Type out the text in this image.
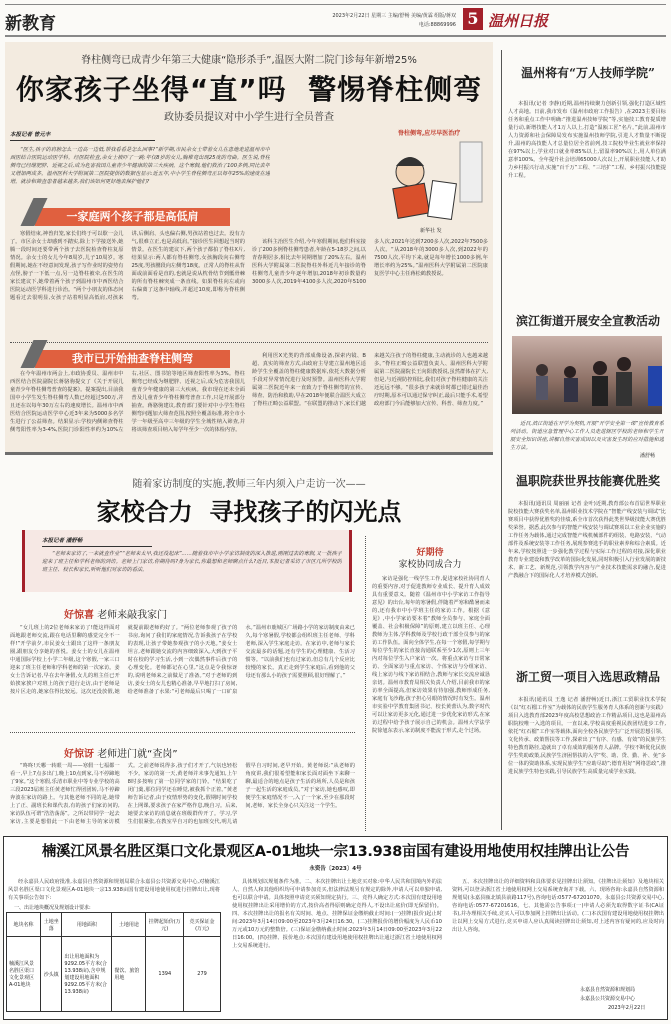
新教育	2023年2月22日 星期三 主编/舒畅 美编/黄霖 组版/蒋双
电话:88869996 5 温州日报
脊柱侧弯已成青少年第三大健康“隐形杀手”,温医大附二院门诊每年新增25%
你家孩子坐得“直”吗  警惕脊柱侧弯
政协委员提议对中小学生进行全员普查
本报记者 曾元丰
“医生,孩子的肩膀怎么一边高一边低,帮我看看是怎么回事?”新学期,市民余女士带着女儿在患地走进温州市中西医结合医院运动医学科。经医院检查,余女士被吓了一跳:年仅8岁的女儿,胸椎竟出现25度的弯曲。医生说,脊柱侧弯已经继肥胖、近视之后,成为危害我国儿童青少年健康的第三大疾病。这个寒假,他们救治了100多例,同比去年又增加两成多。温州医科大学附属第二医院提供的数据也显示:近五年,中小学生脊柱侧弯正以每年25%的速度在递增。就诊和筛查患者越来越多,我们该如何更好地去保护他们?
脊柱侧弯,应尽早医治疗
新华社 发
一家庭两个孩子都是高低肩
寒假结束,神兽归笼,家长们终于可以歇一会儿了。市区余女士却感到不踏实,除上下学接送外,她腾一段时间还要带两个孩子去医院检查脊柱复原情况。余女士的女儿今年8周岁,儿子10周岁。寒假期间,她在不经意间发现,孩子写作业时的姿势有点怪,膀子一下低一点,另一边脊柱被牵,在医生的家长建议下,她带着两个孩子到温州市中西医结合医院运动医学科进行诊治。“两个小朋友的体态问题看过去很明显,女孩子站着明显高低肩,对孩来讲,后侧肩、头也偏右侧,男孩站着也过去。没有力气,很难立正,也是高低肩。”接诊医生回想起当时的情景。在医生的建议下,两个孩子都拍了脊柱X片,结果显示:两人都有脊柱侧弯,女孩胸段向右侧弯25度,男孩腰段向左侧弯18度。正常人的脊柱从背面或前面看是直的,也就是说从枕骨结节到骶骨棘的所有脊柱棘突成一条直线。如果脊柱向左或向右偏离了这条中轴线,并超过10度,即称为脊柱侧弯。
该科主治医生介绍,今年寒假期间,他们科室接诊了200多例脊柱侧弯患者,年龄在5-18岁之间,以青春期居多,相比去年同期增加了20%左右。温州医科大学附属第二医院脊柱外科近几年接诊的脊柱侧弯儿童青少年逐年增加,2018年初诊数量约3000多人次,2019年4100多人次,2020年5100多人次,2021年达到7200多人次,2022年7500多人次。“从2018年的3000多人次,到2022年的7500人次,平均下来,就是每年增长1000多例,年增长率约为25%。”温州医科大学附属第二医院康复医学中心主任蒋松鹤教授说。
我市已开始抽查脊柱侧弯
在今年温州市两会上,市政协委员、温州市中西医结合医院副院长蒋骆驹提交了《关于开展儿童青少年脊柱侧弯普查的提案》。提案提出,目前我国中小学生发生脊柱侧弯人数已经超过500万,并且还在以每年30万左右的速度增长。温州市中西医结合医院运动医学中心近3年来为5000多名学生进行了公益筛查。结果显示:学校内侧筛查脊柱侧弯阳性率为3-4%,医院门诊阳性率约为10%左右,社区、图书馆等地区筛查阳性率为3%。脊柱侧弯已经成为继肥胖、近视之后,成为危害我国儿童青少年健康的第三大疾病。我市现在还未全面普及儿童青少年脊柱侧弯普查工作,只是开展部分抽查。蒋骆驹建议,教育部门要针对中小学生脊柱侧弯问题加大筛查范围,按照全覆盖标准,将全市小学一年级至高中三年级的学生全城性纳入筛查,并将该筛查项目纳入每学年至少一次的体检内容。
利用医X光类的背部成像设备,探索内镜、B超、真实的筛查方式,由政府主导建立温州地区适龄学生全覆盖的脊柱健康数据库,依托大数据分析手段对异常情况进行及时预警。温州医科大学附属第二医院近年来一直致力于脊柱侧弯的宣传、筛查、防治和救助,早在2018年便联合温医大成立了脊柱正畸公益联盟。“在联盟的推动下,家长们越来越关注孩子的脊柱健康,主动就诊的人也越来越多。”脊柱正畸公益联盟负责人、温州医科大学附属第二医院副院长王向阳教授说,虽然群体在扩大,但是,与近视防控相比,我们对孩子脊柱健康的关注还远远不够。“很多孩子来就诊时都已错过最佳治疗时期,原本可以通过保守纠正,最后只能手术,希望政府部门今后能够加大宣传、科普、筛查力度。”
随着家访制度的实施,教师三年内须入户走访一次——
家校合力  寻找孩子的闪光点
本报记者 潘舒畅
“老师来家访了,一来就查作业”“老师来太早,我还没起床”……随着我市中小学家访制度的深入推进,刚刚过去的寒假,又一批孩子迎来了班主任和学科老师的到访。老师上门家访,你期待吗?身为家长,你最想和老师聊点什么?近日,本报记者采访了市区几所学校的班主任、校长和家长,听听他们对家访的看法。
好惊喜 老师来敲我家门
“女儿班上的2位老师来家访了!能这样面对面地跟老师交流,跟在电话里聊的感觉完全不一样!”开学前夕,市民姜女士跟出了这样一条朋友圈,跟朋友分享她的喜悦。姜女士的女儿在温州中通国际学校上小学二年级,这个寒假,一家三口迎来了班主任老师和学科老师的第一次家访。姜女士告诉记者,早在去年暑假,女儿的班主任已开始挨家挨户对班上的孩子进行走访,由于老师是按片区走的,她家住得比较远。这次还没放假,她就提前跟老师约好了。“两位老师参观了孩子的书房,询问了我们的家庭情况,告诉我孩子在学校的表现,让孩子带她参观孩子的小天地。”姜女士坦言,老师跟她交流的内容细致深入,大到孩子平时在校的学习生活,小到一次偶然事件后孩子的心理变化。老师都记在心里,“这点是令我惊讶的,说明老师来之前做足了准备。”对于老师的到访,姜女士的女儿也精心准备,早早地打扫了房间,给老师准备了水果:“可老师最后只喝了一口矿泉水。”温州市鹿城区广场路小学的家访制度由来已久,每个寒暑假,学校都会组织班主任老师、学科老师,深入学生家庭走访。在家访中,老师与家长交流最多的话题,还有学生的心理健康、生活习惯等。“以前我们也有过家访,但总有几个反应比较慢的家长。真正走到学生家庭后,看到他的父母还有那么小的孩子需要照顾,很好理解了。”
好惊讶 老师进门就“查岗”
“咚咚!天哪一转眼一周——寒假一七福都一看一,早上7点多出门,晚上10点到家,马不停蹄地了9家。”这个寒假,乐清市职业中等专业学校的高三段2023届班主任黄老师忙得团团转,马不停蹄奔波在家访的路上。与其他老师不同的是,她带上了正、副班长和课代表,有的孩子们家访问的,家访队伍可谓“浩浩荡荡”。之所以带同学一起去家访,主要是想借此一下由老师主导的家访模式。之前老师说得多,孩子们才开了,气氛也轻松不少。家访的第一天,黄老师并未事先通知,上午8时多按响了第一位同学家的门铃。“结果吃了闭门羹,那位同学还在睡觉,被我抓个正着。”黄老师告诉记者,由于疫情形势的变化,假期时间学校在上网课,要求孩子在家严格作息,晚自习。后来,她要去家访的消息就在班级群传开了。学习,学生们很紧张,在教室早自习的也加班交代,明儿请假早自习时间,老早开始。黄老师说:“从老师的角度讲,我们很希望能和家长面对面坐下来聊一聊,最适合的地点是孩子生活的场所,人员是和孩子一起生活的家庭成员。”对于家访,她也感叹,即便学生家庭情况不一,入了一个家,至少在那段时间,老师、家长全身心只关注这一个学生。
好期待
家校协同成合力
家访是强化一线学生工作,促进家校社协同育人的重要内容,对于促进教师专业成长、提升育人成效具有重要意义。随着《温州市中小学家访工作指导意见》的出台,每年的寒暑假,伴随着严寒和酷暑而来的,还有我市中小学班主任的家访工作。根据《意见》,中小学家访要本着“教师全员参与、家庭全面覆盖、社会积极保障”的原则,建立以班主任、心理教师为主体,学科教师及学校行政干部全员参与的家访工作队伍。面向全体学生,在每一个寒假,每学期与每位学生的家长直接沟通联系至少1次,原则上三年内对每位学生入户家访一次。将重点家访与日常家访、全面家访与重点家访、个体家访与分组家访、线上家访与线下家访相结合,教师与家长交流应诚恳亲切。温州市教育局相关负责人介绍,目前我市的家访率全面提高,但家访效果有待加强,教师形成任务,家庭有飞沙跑,孩子担心另眼的情况时有发生。温州市实验中学教育集团书记、校长黄蕾认为,数字时代可以让家访更多元化,通过进一步优化家访形式,在家访过程中给予孩子展示自己的机会。温州大学法学院徐旭东表示,家访制度不能流于形式,走个过场。
温州将有“万人技师学院”
本报讯(记者 李静)近期,温州持续聚力创新引领,强化打造区域性人才高地。日前,我市发布《温州市政府工作报告》,在2023主要目标任务和重点工作中明确:“推进温州技师学院”等,实施技工教育提质增量行动,新增技能人才1万人以上,打造“温瓯工匠”名片。”此前,温州市人力资源和社会保障局发布实施温州技师学院,引进人才数量不断提升,温州的高技能人才总量位居全省前列,技工院校毕业生就业率保持在97%以上,学业对口就业率85%以上,留温率90%以上,用人单位满意率100%。全年提升社会培训65000人次以上,开展职业技能人才助力乡村振兴行动,实施“百千万”工程、“三培扩”工程、乡村振兴技能提升工程。
滨江街道开展安全宣教活动
近日,滨江街道在开学为契机,开展“开学安全第一课”宣传教育系列活动。街道应急管理中心工作人员走进辖区学校的老师和学生开展安全知识讲座,讲解自然灾害成因以及灾害发生时的应对措施和逃生方法。
潘舒畅
温职院获世界技能赛优胜奖
本报讯(通讯员 周丽丽 记者 金叶)近期,教育部公布首届世界职业院校技能大赛获奖名单,温州职业技术学院在“智能产线安装与调试”比赛项目中获得优胜奖的佳绩,系全市首次获得此类世界级技能大赛优胜奖荣誉。据悉,此次参与的智能产线安装与调试赛项以工业企业实施的工作任务为载体,通过完成智能产线机械部件的组装、电路安装、气动部件及系统安装等工作任务,展现参赛选手的职业素养和综合素质。近年来,学校按照进一步强化教学过程与实际工作过程的对接,深化职业教育专业建设和教学改革的国际化发展,同时积极引入行业发展的新技术、新工艺、新规范,引领教学内容与产业技术技能需求的融合,促进产教融合下的国际化人才培养模式创新。
浙工贸一项目入选思政精品
本报讯(通讯员 王逸 记者 潘舒畅)近日,浙江工贸职业技术学院《以“红石榴工作室”为载体的民族学生服务育人体系的创新与实践》项目入选教育部2023年度高校思想政治工作精品项目,这也是温州高职院校唯一入选的项目。一直以来,学校高度重视民族团结进步工作,依托“红石榴”工作室等载体,面向全校各民族学生广泛开展思想引领、文化传承、政策帮扶等工作,探索出了“有序、有感、有效”的民族学生特色教育路径,造就出了卓有成效的服务育人品牌。学校不断优化民族学生奖助政策,民族学生济困帮扶的入学“奖、助、贷、勤、补、免”多位一体的资助体系,实现民族学生“应助尽助”;德育用好“网络思政”,推进民族学生特色实践,引导民族学生高质量完成学业实践。
楠溪江风景名胜区渠口文化景观区A-01地块一宗13.938亩国有建设用地使用权挂牌出让公告
永资告〔2023〕4号
经永嘉县人民政府批准,永嘉县自然资源和规划局联合永嘉县公共资源交易中心,对楠溪江风景名胜区渠口文化景观区A-01地块一宗13.938亩国有建设用地使用权进行挂牌出让,现将有关事项公告如下:
一、出让地块概况及规划设计要求:
地块名称	土地坐落	用地面积	土地用途	挂牌起始价(万元)	竞买保证金(万元)
楠溪江风景名胜区渠口文化景观区A-01地块	沙头镇	出让用地面积为9292.05平方米(合13.938亩),含中规划建设用地面积9292.05平方米(合13.938亩)	餐饮、旅馆用地	1394	279
具体规划以规划条件为准。二、本次挂牌出让土地竞买对象:中华人民共和国境内外的法人、自然人和其他组织均可申请参加竞买,但法律法规另有规定的除外,申请人可以单独申请,也可以联合申请。具体按照申请竞买须知规定执行。三、竞得人确定方式:本次国有建设用地使用权挂牌出让采用增价的方式,按价高者得原则确定竞得人,不设出让底价(即无保留价)。四、本次挂牌出让的报名有关时间、地点、挂牌保证金缴纳截止时间:(一)挂牌(报价)起止时间:2023年3月14日09:00至2023年3月24日16:30。(二)挂牌报价的增价幅度为人民币10万元或10万元的整数倍。(三)保证金缴纳截止时间:2023年3月14日09:00至2023年3月22日16:00。(四)挂牌、报价地点:本次国有建设用地使用权挂牌出让通过浙江省土地使用权网上交易系统进行。
五、本次挂牌出让的详细资料和具体要求见挂牌出让须知。《挂牌出让须知》及地块相关资料,可以登录浙江省土地使用权网上交易系统查询并下载。六、现场咨询:永嘉县自然资源和规划局(永嘉县瓯北镇县前路117号),咨询电话:0577-67201070。永嘉县公共资源交易中心,咨询电话:0577-67201616。七、其他需公告事项:(一)申请人必须先取得数字证书(CA证书),并办理相关手续,竞买人可以参加网上挂牌出让活动。(二)本次国有建设用地使用权挂牌出让以网上交易方式进行,竞买申请人应认真阅读挂牌出让须知,对上述内容有疑问的,应及时向出让人咨询。
永嘉县自然资源和规划局
永嘉县公共资源交易中心
2023年2月22日
